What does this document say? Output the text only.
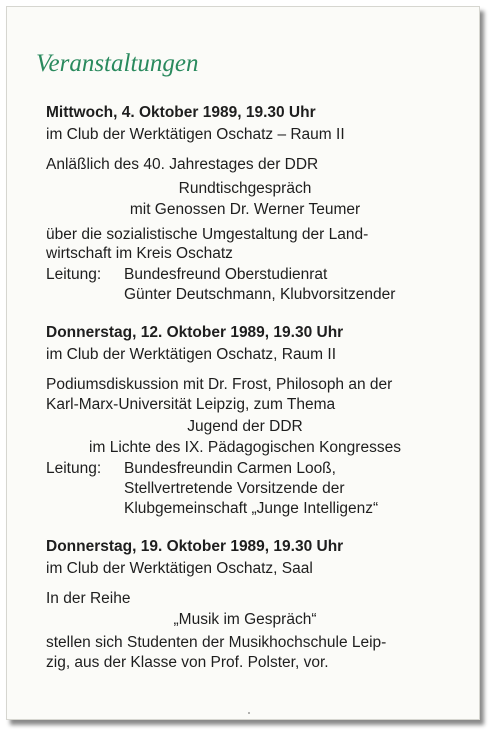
Veranstaltungen
Mittwoch, 4. Oktober 1989, 19.30 Uhr
im Club der Werktätigen Oschatz – Raum II
Anläßlich des 40. Jahrestages der DDR
Rundtischgespräch
mit Genossen Dr. Werner Teumer
über die sozialistische Umgestaltung der Land-
wirtschaft im Kreis Oschatz
Leitung: Bundesfreund Oberstudienrat
Günter Deutschmann, Klubvorsitzender
Donnerstag, 12. Oktober 1989, 19.30 Uhr
im Club der Werktätigen Oschatz, Raum II
Podiumsdiskussion mit Dr. Frost, Philosoph an der
Karl-Marx-Universität Leipzig, zum Thema
Jugend der DDR
im Lichte des IX. Pädagogischen Kongresses
Leitung: Bundesfreundin Carmen Looß,
Stellvertretende Vorsitzende der
Klubgemeinschaft „Junge Intelligenz“
Donnerstag, 19. Oktober 1989, 19.30 Uhr
im Club der Werktätigen Oschatz, Saal
In der Reihe
„Musik im Gespräch“
stellen sich Studenten der Musikhochschule Leip-
zig, aus der Klasse von Prof. Polster, vor.
